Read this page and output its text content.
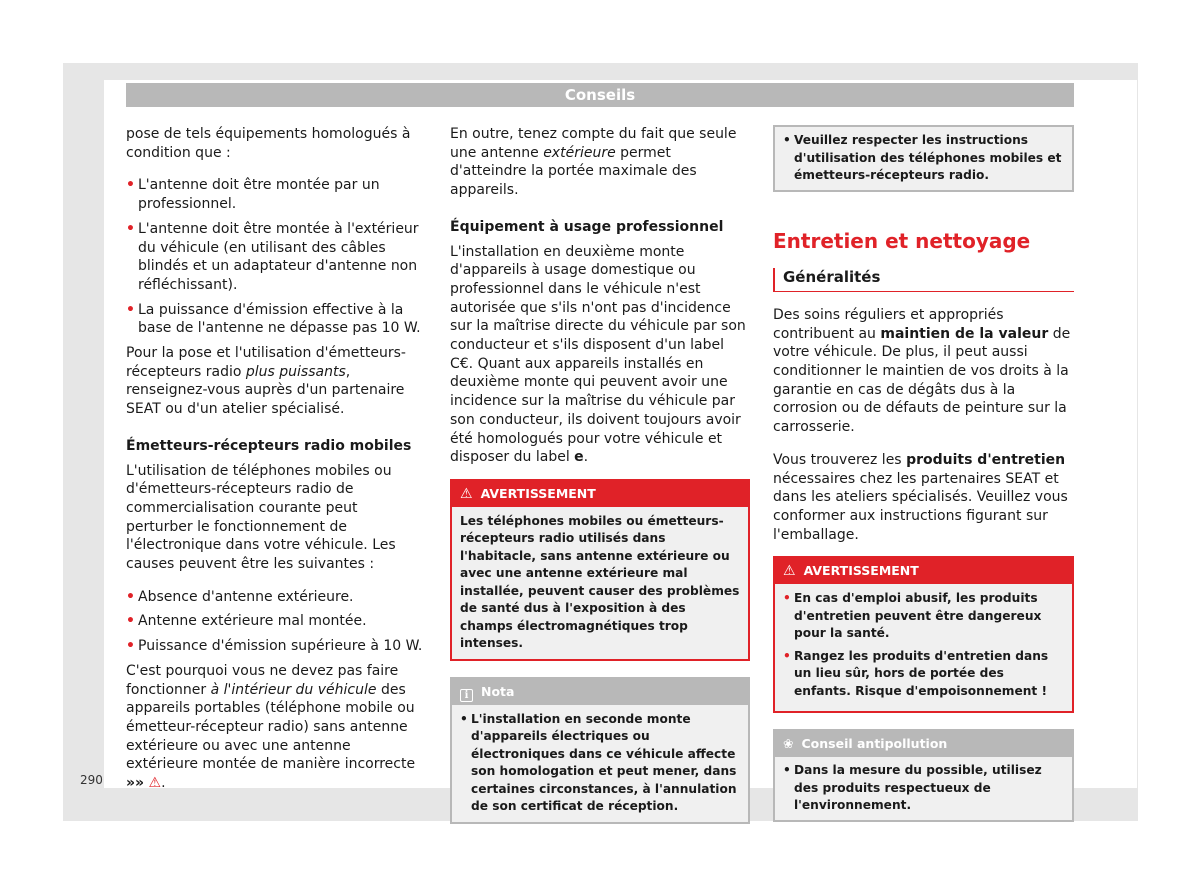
Conseils

pose de tels équipements homologués à condition que :

• L'antenne doit être montée par un professionnel.
• L'antenne doit être montée à l'extérieur du véhicule (en utilisant des câbles blindés et un adaptateur d'antenne non réfléchissant).
• La puissance d'émission effective à la base de l'antenne ne dépasse pas 10 W.

Pour la pose et l'utilisation d'émetteurs-récepteurs radio plus puissants, renseignez-vous auprès d'un partenaire SEAT ou d'un atelier spécialisé.

Émetteurs-récepteurs radio mobiles

L'utilisation de téléphones mobiles ou d'émetteurs-récepteurs radio de commercialisation courante peut perturber le fonctionnement de l'électronique dans votre véhicule. Les causes peuvent être les suivantes :

• Absence d'antenne extérieure.
• Antenne extérieure mal montée.
• Puissance d'émission supérieure à 10 W.

C'est pourquoi vous ne devez pas faire fonctionner à l'intérieur du véhicule des appareils portables (téléphone mobile ou émetteur-récepteur radio) sans antenne extérieure ou avec une antenne extérieure montée de manière incorrecte »» ⚠.

En outre, tenez compte du fait que seule une antenne extérieure permet d'atteindre la portée maximale des appareils.

Équipement à usage professionnel

L'installation en deuxième monte d'appareils à usage domestique ou professionnel dans le véhicule n'est autorisée que s'ils n'ont pas d'incidence sur la maîtrise directe du véhicule par son conducteur et s'ils disposent d'un label C€. Quant aux appareils installés en deuxième monte qui peuvent avoir une incidence sur la maîtrise du véhicule par son conducteur, ils doivent toujours avoir été homologués pour votre véhicule et disposer du label e.

⚠ AVERTISSEMENT
Les téléphones mobiles ou émetteurs-récepteurs radio utilisés dans l'habitacle, sans antenne extérieure ou avec une antenne extérieure mal installée, peuvent causer des problèmes de santé dus à l'exposition à des champs électromagnétiques trop intenses.
i Nota
• L'installation en seconde monte d'appareils électriques ou électroniques dans ce véhicule affecte son homologation et peut mener, dans certaines circonstances, à l'annulation de son certificat de réception.
• Veuillez respecter les instructions d'utilisation des téléphones mobiles et émetteurs-récepteurs radio.
Entretien et nettoyage
Généralités

Des soins réguliers et appropriés contribuent au maintien de la valeur de votre véhicule. De plus, il peut aussi conditionner le maintien de vos droits à la garantie en cas de dégâts dus à la corrosion ou de défauts de peinture sur la carrosserie.

Vous trouverez les produits d'entretien nécessaires chez les partenaires SEAT et dans les ateliers spécialisés. Veuillez vous conformer aux instructions figurant sur l'emballage.

⚠ AVERTISSEMENT
• En cas d'emploi abusif, les produits d'entretien peuvent être dangereux pour la santé.
• Rangez les produits d'entretien dans un lieu sûr, hors de portée des enfants. Risque d'empoisonnement !
❀ Conseil antipollution
• Dans la mesure du possible, utilisez des produits respectueux de l'environnement.
290
